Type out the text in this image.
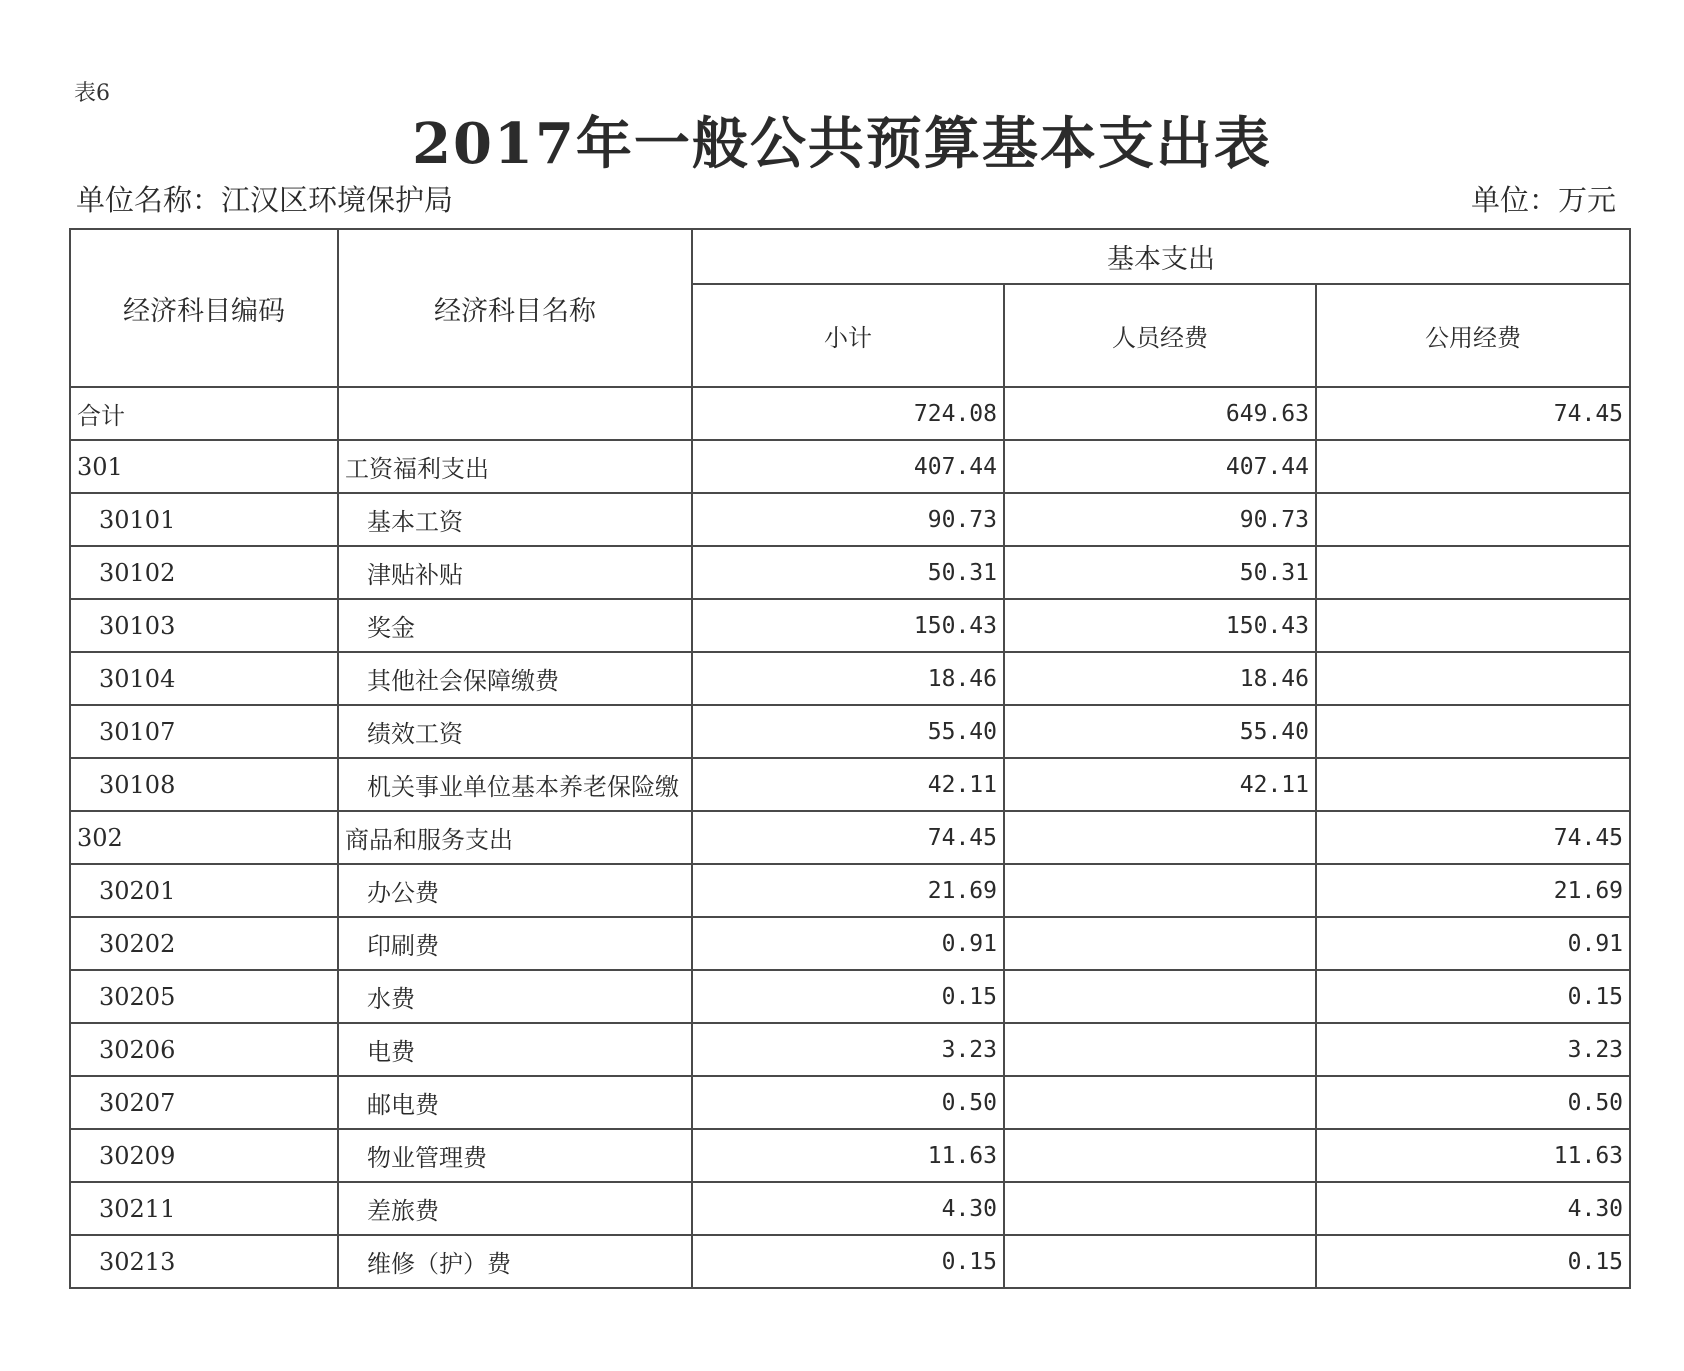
表6
2017年一般公共预算基本支出表
单位名称：江汉区环境保护局	单位：万元
经济科目编码	经济科目名称	基本支出		
		小计	人员经费	公用经费
合计		724.08	649.63	74.45
301	工资福利支出	407.44	407.44	
30101	基本工资	90.73	90.73	
30102	津贴补贴	50.31	50.31	
30103	奖金	150.43	150.43	
30104	其他社会保障缴费	18.46	18.46	
30107	绩效工资	55.40	55.40	
30108	机关事业单位基本养老保险缴	42.11	42.11	
302	商品和服务支出	74.45		74.45
30201	办公费	21.69		21.69
30202	印刷费	0.91		0.91
30205	水费	0.15		0.15
30206	电费	3.23		3.23
30207	邮电费	0.50		0.50
30209	物业管理费	11.63		11.63
30211	差旅费	4.30		4.30
30213	维修（护）费	0.15		0.15
